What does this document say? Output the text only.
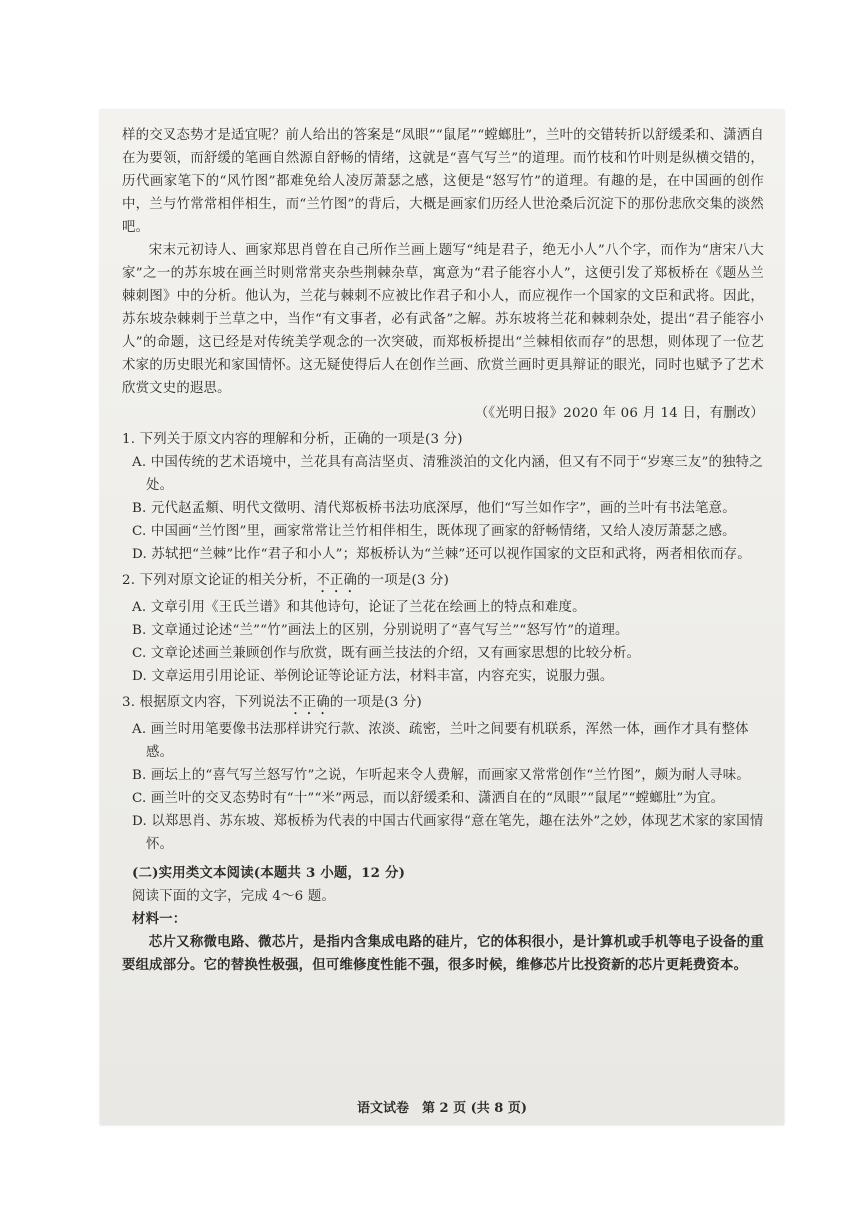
样的交叉态势才是适宜呢？前人给出的答案是“凤眼”“鼠尾”“螳螂肚”，兰叶的交错转折以舒缓柔和、潇洒自在为要领，而舒缓的笔画自然源自舒畅的情绪，这就是“喜气写兰”的道理。而竹枝和竹叶则是纵横交错的，历代画家笔下的“风竹图”都难免给人凌厉萧瑟之感，这便是“怒写竹”的道理。有趣的是，在中国画的创作中，兰与竹常常相伴相生，而“兰竹图”的背后，大概是画家们历经人世沧桑后沉淀下的那份悲欣交集的淡然吧。

宋末元初诗人、画家郑思肖曾在自己所作兰画上题写“纯是君子，绝无小人”八个字，而作为“唐宋八大家”之一的苏东坡在画兰时则常常夹杂些荆棘杂草，寓意为“君子能容小人”，这便引发了郑板桥在《题丛兰棘刺图》中的分析。他认为，兰花与棘刺不应被比作君子和小人，而应视作一个国家的文臣和武将。因此，苏东坡杂棘刺于兰草之中，当作“有文事者，必有武备”之解。苏东坡将兰花和棘刺杂处，提出“君子能容小人”的命题，这已经是对传统美学观念的一次突破，而郑板桥提出“兰棘相依而存”的思想，则体现了一位艺术家的历史眼光和家国情怀。这无疑使得后人在创作兰画、欣赏兰画时更具辩证的眼光，同时也赋予了艺术欣赏文史的遐思。

（《光明日报》2020 年 06 月 14 日，有删改）

1. 下列关于原文内容的理解和分析，正确的一项是(3 分)

A. 中国传统的艺术语境中，兰花具有高洁坚贞、清雅淡泊的文化内涵，但又有不同于“岁寒三友”的独特之处。

B. 元代赵孟頫、明代文徵明、清代郑板桥书法功底深厚，他们“写兰如作字”，画的兰叶有书法笔意。

C. 中国画“兰竹图”里，画家常常让兰竹相伴相生，既体现了画家的舒畅情绪，又给人凌厉萧瑟之感。

D. 苏轼把“兰棘”比作“君子和小人”；郑板桥认为“兰棘”还可以视作国家的文臣和武将，两者相依而存。

2. 下列对原文论证的相关分析，不正确的一项是(3 分)

A. 文章引用《王氏兰谱》和其他诗句，论证了兰花在绘画上的特点和难度。

B. 文章通过论述“兰”“竹”画法上的区别，分别说明了“喜气写兰”“怒写竹”的道理。

C. 文章论述画兰兼顾创作与欣赏，既有画兰技法的介绍，又有画家思想的比较分析。

D. 文章运用引用论证、举例论证等论证方法，材料丰富，内容充实，说服力强。

3. 根据原文内容，下列说法不正确的一项是(3 分)

A. 画兰时用笔要像书法那样讲究行款、浓淡、疏密，兰叶之间要有机联系，浑然一体，画作才具有整体感。

B. 画坛上的“喜气写兰怒写竹”之说，乍听起来令人费解，而画家又常常创作“兰竹图”，颇为耐人寻味。

C. 画兰叶的交叉态势时有“十”“米”两忌，而以舒缓柔和、潇洒自在的“凤眼”“鼠尾”“螳螂肚”为宜。

D. 以郑思肖、苏东坡、郑板桥为代表的中国古代画家得“意在笔先，趣在法外”之妙，体现艺术家的家国情怀。

(二)实用类文本阅读(本题共 3 小题，12 分)

阅读下面的文字，完成 4～6 题。

材料一：

芯片又称微电路、微芯片，是指内含集成电路的硅片，它的体积很小，是计算机或手机等电子设备的重要组成部分。它的替换性极强，但可维修度性能不强，很多时候，维修芯片比投资新的芯片更耗费资本。

语文试卷　第 2 页 (共 8 页)
